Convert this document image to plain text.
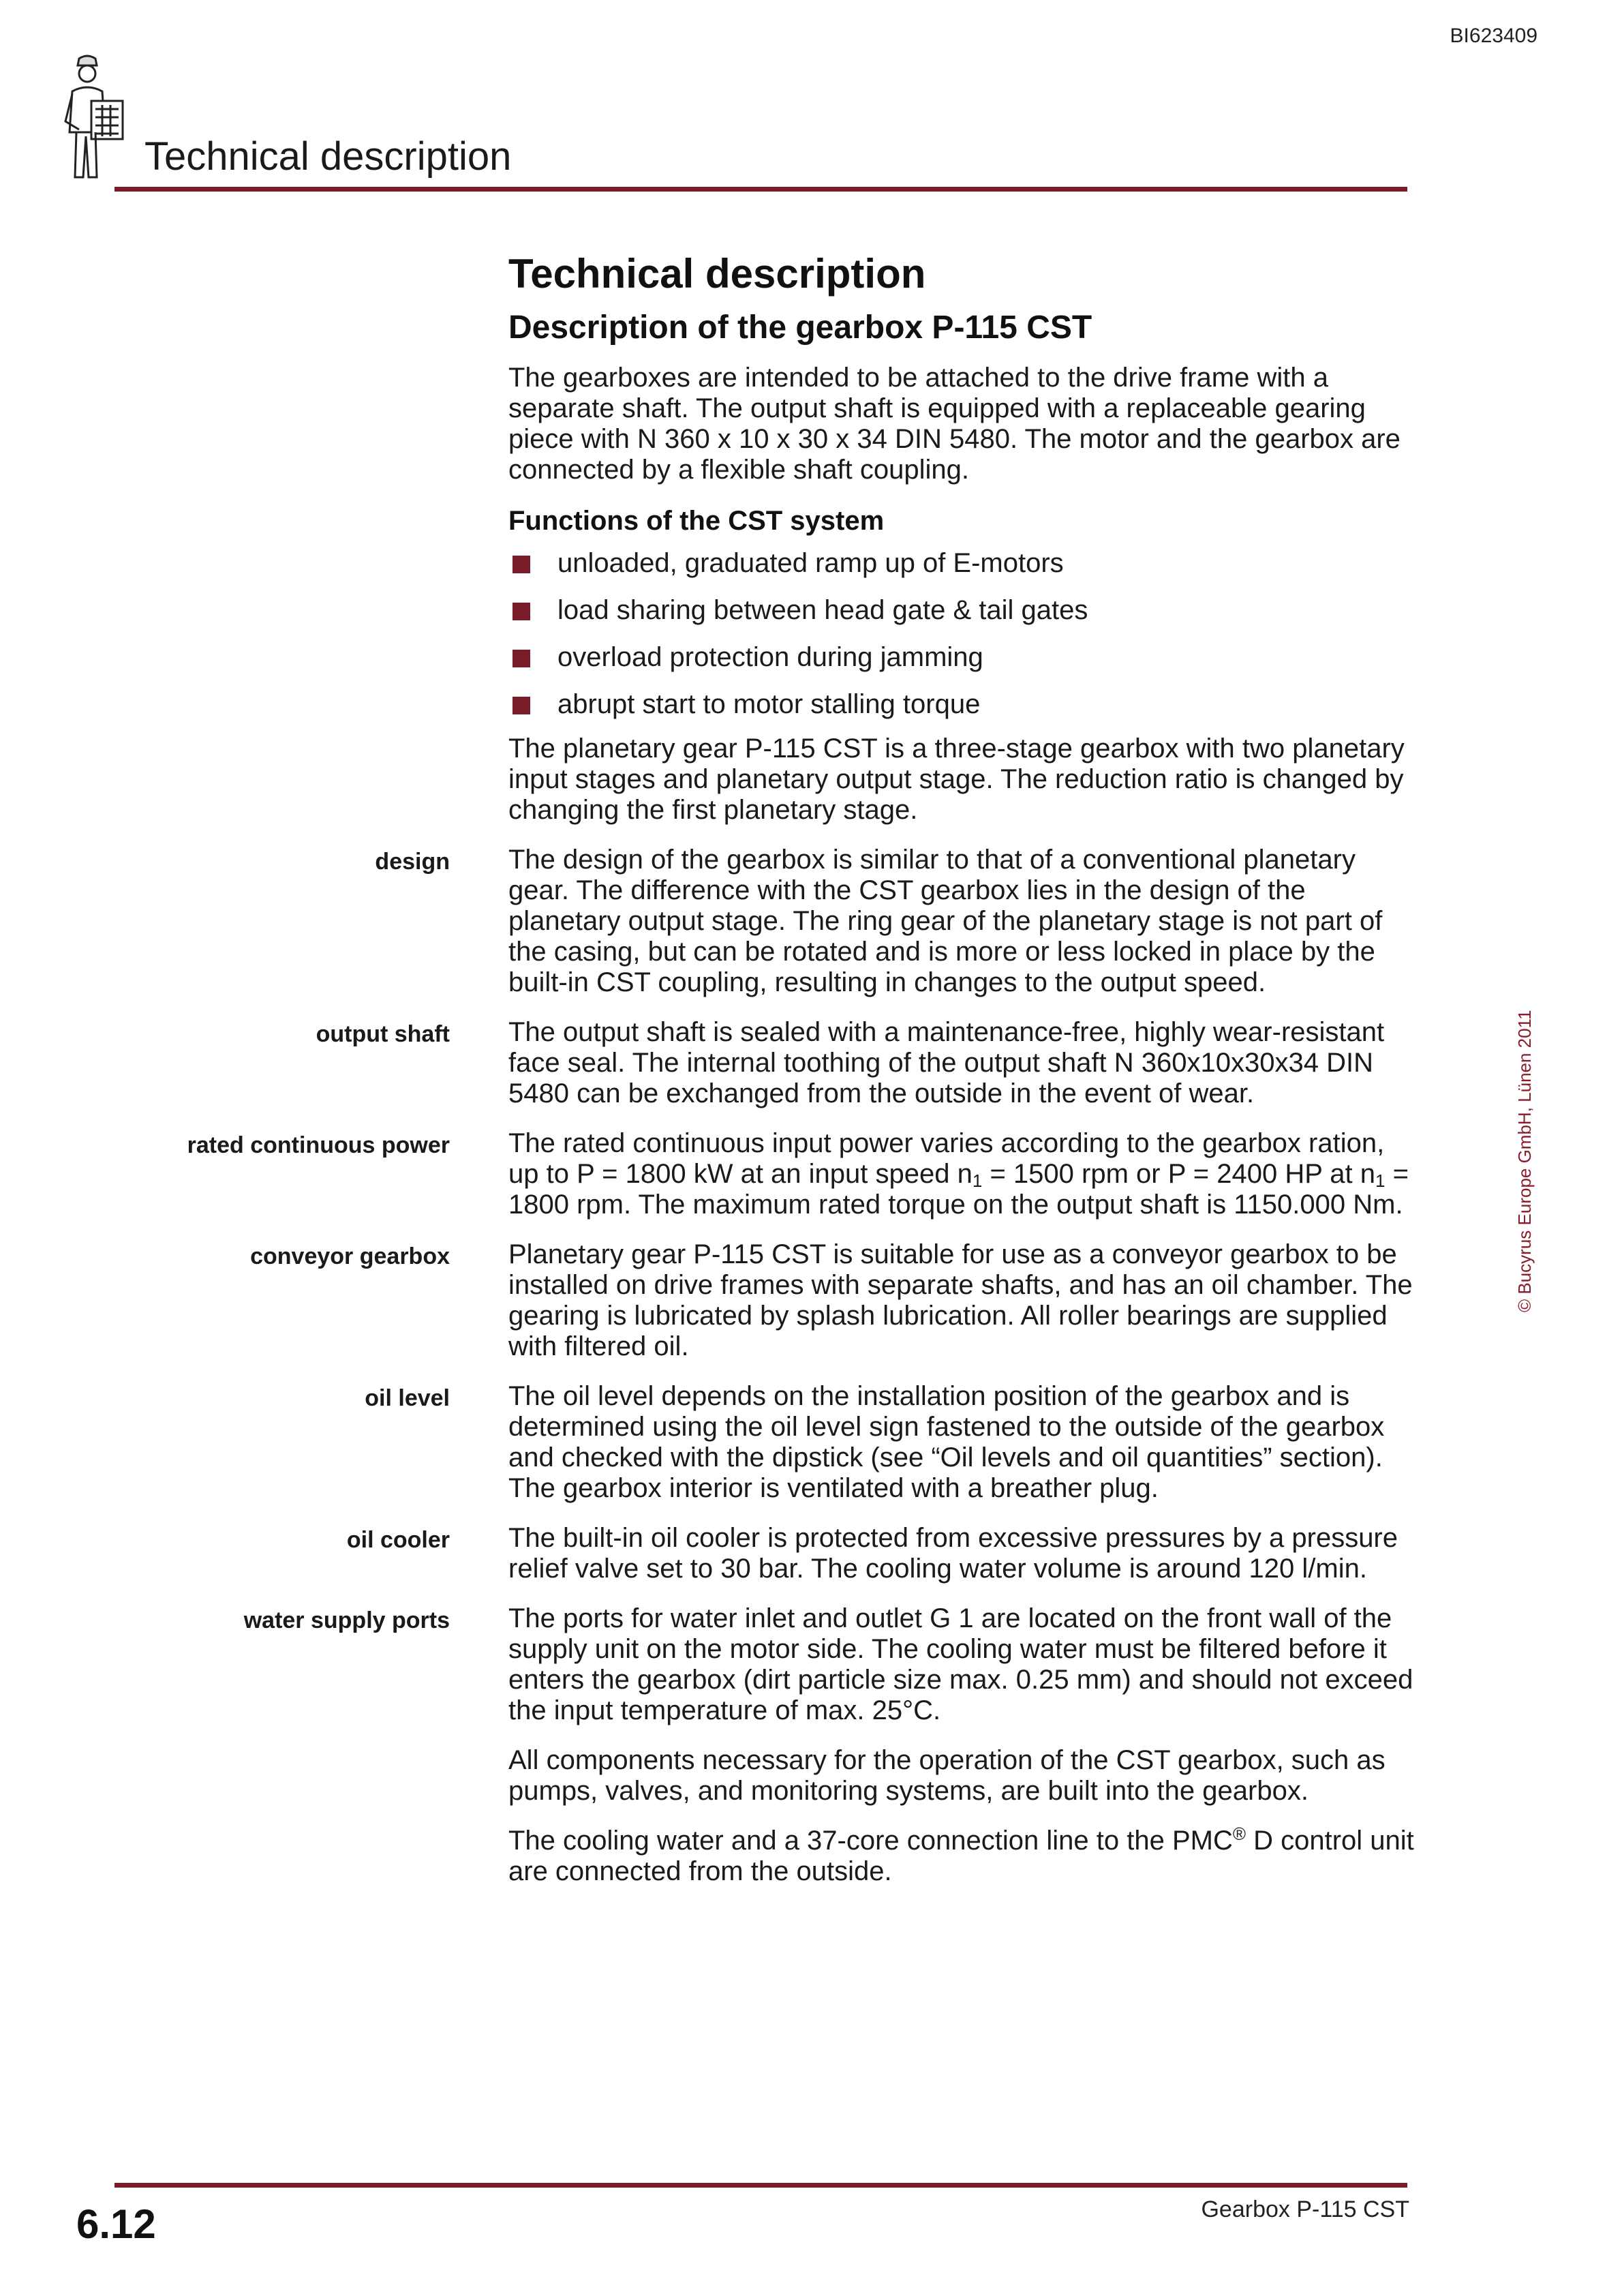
BI623409
Technical description
© Bucyrus Europe GmbH, Lünen 2011
Technical description
Description of the gearbox P-115 CST

The gearboxes are intended to be attached to the drive frame with a separate shaft. The output shaft is equipped with a replaceable gearing piece with N 360 x 10 x 30 x 34 DIN 5480. The motor and the gearbox are connected by a flexible shaft coupling.

Functions of the CST system
unloaded, graduated ramp up of E-motors
load sharing between head gate & tail gates
overload protection during jamming
abrupt start to motor stalling torque

The planetary gear P-115 CST is a three-stage gearbox with two planetary input stages and planetary output stage. The reduction ratio is changed by changing the first planetary stage.

design The design of the gearbox is similar to that of a conventional planetary gear. The difference with the CST gearbox lies in the design of the planetary output stage. The ring gear of the planetary stage is not part of the casing, but can be rotated and is more or less locked in place by the built-in CST coupling, resulting in changes to the output speed.

output shaft The output shaft is sealed with a maintenance-free, highly wear-resistant face seal. The internal toothing of the output shaft N 360x10x30x34 DIN 5480 can be exchanged from the outside in the event of wear.

rated continuous power The rated continuous input power varies according to the gearbox ration, up to P = 1800 kW at an input speed $n_1 = 1500$ rpm or P = 2400 HP at $n_1 = 1800$ rpm. The maximum rated torque on the output shaft is 1150.000 Nm.

conveyor gearbox Planetary gear P-115 CST is suitable for use as a conveyor gearbox to be installed on drive frames with separate shafts, and has an oil chamber. The gearing is lubricated by splash lubrication. All roller bearings are supplied with filtered oil.

oil level The oil level depends on the installation position of the gearbox and is determined using the oil level sign fastened to the outside of the gearbox and checked with the dipstick (see “Oil levels and oil quantities” section). The gearbox interior is ventilated with a breather plug.

oil cooler The built-in oil cooler is protected from excessive pressures by a pressure relief valve set to 30 bar. The cooling water volume is around 120 l/min.

water supply ports The ports for water inlet and outlet G 1 are located on the front wall of the supply unit on the motor side. The cooling water must be filtered before it enters the gearbox (dirt particle size max. 0.25 mm) and should not exceed the input temperature of max. 25°C.

All components necessary for the operation of the CST gearbox, such as pumps, valves, and monitoring systems, are built into the gearbox.

The cooling water and a 37-core connection line to the PMC® D control unit are connected from the outside.

6.12	Gearbox P-115 CST
